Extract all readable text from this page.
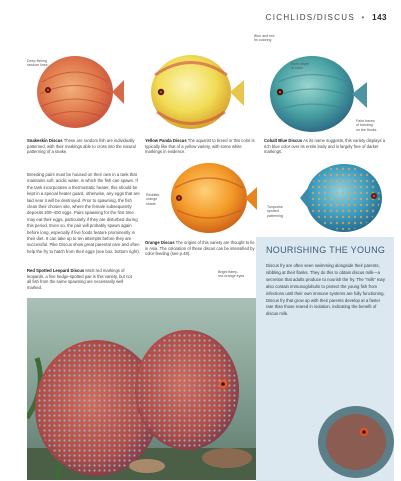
CICHLIDS/DISCUS • 143
Deep fishing
random lines
Blue and red
fin coloring
Even depth
of color
Faint traces
of banding
on the flanks
Snakeskin Discus These are random fish are individually patterned, with their markings able to cross into the natural patterning of a snake.
Yellow Panda Discus The aquarist to breed or this color is typically like that of a yellow variety, with some white markings in evidence.
Cobalt Blue Discus As its name suggests, this variety displays a rich blue color over its entire body and is largely free of darker markings.
Breeding pairs must be housed on their own in a tank that maintains soft, acidic water, in which the fish can spawn. If the tank incorporates a thermostatic heater, this should be kept in a special heater guard, otherwise, any eggs that are laid near it will be destroyed. Prior to spawning, the fish clean their chosen site, where the female subsequently deposits 200–400 eggs. Pairs spawning for the first time may eat their eggs, particularly if they are disturbed during this period. Even so, the pair will probably spawn again before long, especially if live foods feature prominently in their diet. It can take up to ten attempts before they are successful. Pike Discus show great parental care and often help the fry to hatch from their eggs (see box, bottom right).
Reddish-
orange
shade
Turquoise
spotted
patterning
Orange Discus The origins of this variety are thought to lie in Asia. The coloration of these discus can be intensified by color-feeding (see p.48).	NOURISHING THE YOUNG
Discus fry are often seen swimming alongside their parents, nibbling at their flanks. They do this to obtain discus milk—a secretion that adults produce to nourish the fry. The "milk" may also contain immunoglobulin to protect the young fish from infections until their own immune systems are fully functioning. Discus fry that grow up with their parents develop at a faster rate than those reared in isolation, indicating the benefit of discus milk.
Red Spotted Leopard Discus Most red markings of leopards, a fine hedge-spotted pair is this variety, but not all fish from the same spawning are necessarily well marked.
Bright flamy-
red-orange eyes
